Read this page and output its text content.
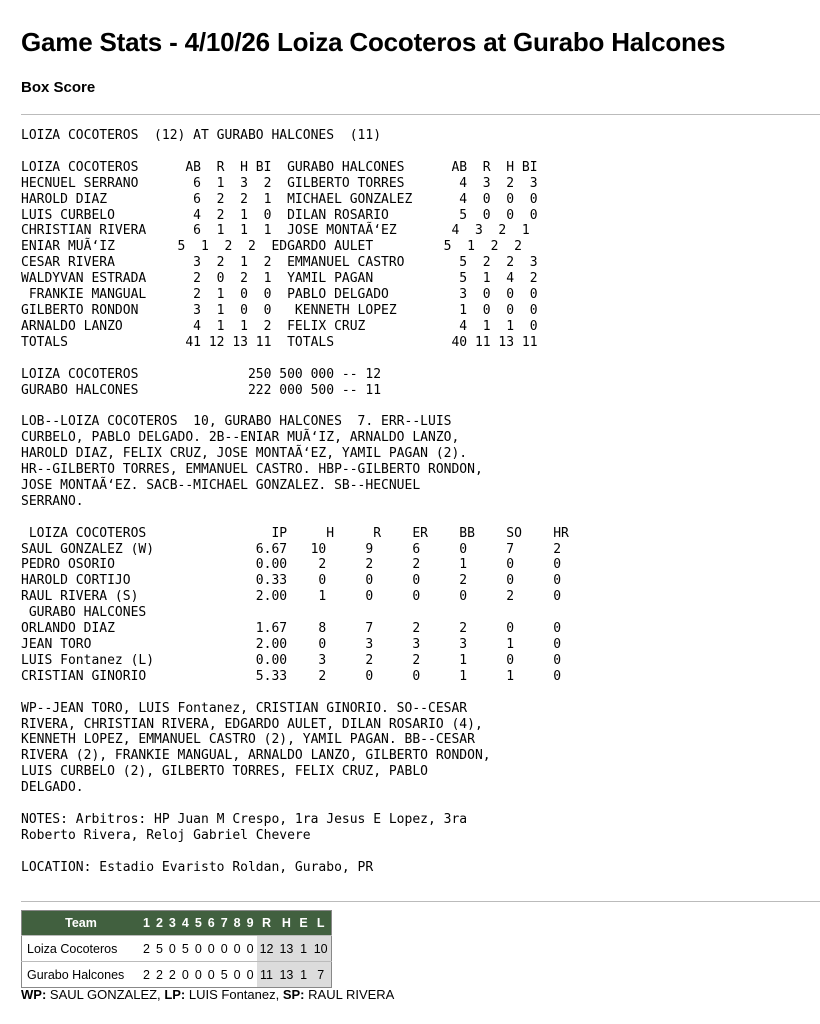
Game Stats - 4/10/26 Loiza Cocoteros at Gurabo Halcones
Box Score
LOIZA COCOTEROS  (12) AT GURABO HALCONES  (11)

LOIZA COCOTEROS      AB  R  H BI  GURABO HALCONES      AB  R  H BI
HECNUEL SERRANO       6  1  3  2  GILBERTO TORRES       4  3  2  3
HAROLD DIAZ           6  2  2  1  MICHAEL GONZALEZ      4  0  0  0
LUIS CURBELO          4  2  1  0  DILAN ROSARIO         5  0  0  0
CHRISTIAN RIVERA      6  1  1  1  JOSE MONTAÃ‘EZ       4  3  2  1
ENIAR MUÃ‘IZ        5  1  2  2  EDGARDO AULET         5  1  2  2
CESAR RIVERA          3  2  1  2  EMMANUEL CASTRO       5  2  2  3
WALDYVAN ESTRADA      2  0  2  1  YAMIL PAGAN           5  1  4  2
FRANKIE MANGUAL      2  1  0  0  PABLO DELGADO         3  0  0  0
GILBERTO RONDON       3  1  0  0   KENNETH LOPEZ        1  0  0  0
ARNALDO LANZO         4  1  1  2  FELIX CRUZ            4  1  1  0
TOTALS               41 12 13 11  TOTALS               40 11 13 11

LOIZA COCOTEROS              250 500 000 -- 12
GURABO HALCONES              222 000 500 -- 11

LOB--LOIZA COCOTEROS  10, GURABO HALCONES  7. ERR--LUIS
CURBELO, PABLO DELGADO. 2B--ENIAR MUÃ‘IZ, ARNALDO LANZO,
HAROLD DIAZ, FELIX CRUZ, JOSE MONTAÃ‘EZ, YAMIL PAGAN (2).
HR--GILBERTO TORRES, EMMANUEL CASTRO. HBP--GILBERTO RONDON,
JOSE MONTAÃ‘EZ. SACB--MICHAEL GONZALEZ. SB--HECNUEL
SERRANO.

LOIZA COCOTEROS                IP     H     R    ER    BB    SO    HR
SAUL GONZALEZ (W)             6.67   10     9     6     0     7     2
PEDRO OSORIO                  0.00    2     2     2     1     0     0
HAROLD CORTIJO                0.33    0     0     0     2     0     0
RAUL RIVERA (S)               2.00    1     0     0     0     2     0
GURABO HALCONES
ORLANDO DIAZ                  1.67    8     7     2     2     0     0
JEAN TORO                     2.00    0     3     3     3     1     0
LUIS Fontanez (L)             0.00    3     2     2     1     0     0
CRISTIAN GINORIO              5.33    2     0     0     1     1     0

WP--JEAN TORO, LUIS Fontanez, CRISTIAN GINORIO. SO--CESAR
RIVERA, CHRISTIAN RIVERA, EDGARDO AULET, DILAN ROSARIO (4),
KENNETH LOPEZ, EMMANUEL CASTRO (2), YAMIL PAGAN. BB--CESAR
RIVERA (2), FRANKIE MANGUAL, ARNALDO LANZO, GILBERTO RONDON,
LUIS CURBELO (2), GILBERTO TORRES, FELIX CRUZ, PABLO
DELGADO.

NOTES: Arbitros: HP Juan M Crespo, 1ra Jesus E Lopez, 3ra
Roberto Rivera, Reloj Gabriel Chevere

LOCATION: Estadio Evaristo Roldan, Gurabo, PR
Team	1	2	3	4	5	6	7	8	9	R	H	E	L
Loiza Cocoteros	2	5	0	5	0	0	0	0	0	12	13	1	10
Gurabo Halcones	2	2	2	0	0	0	5	0	0	11	13	1	7
WP: SAUL GONZALEZ, LP: LUIS Fontanez, SP: RAUL RIVERA
